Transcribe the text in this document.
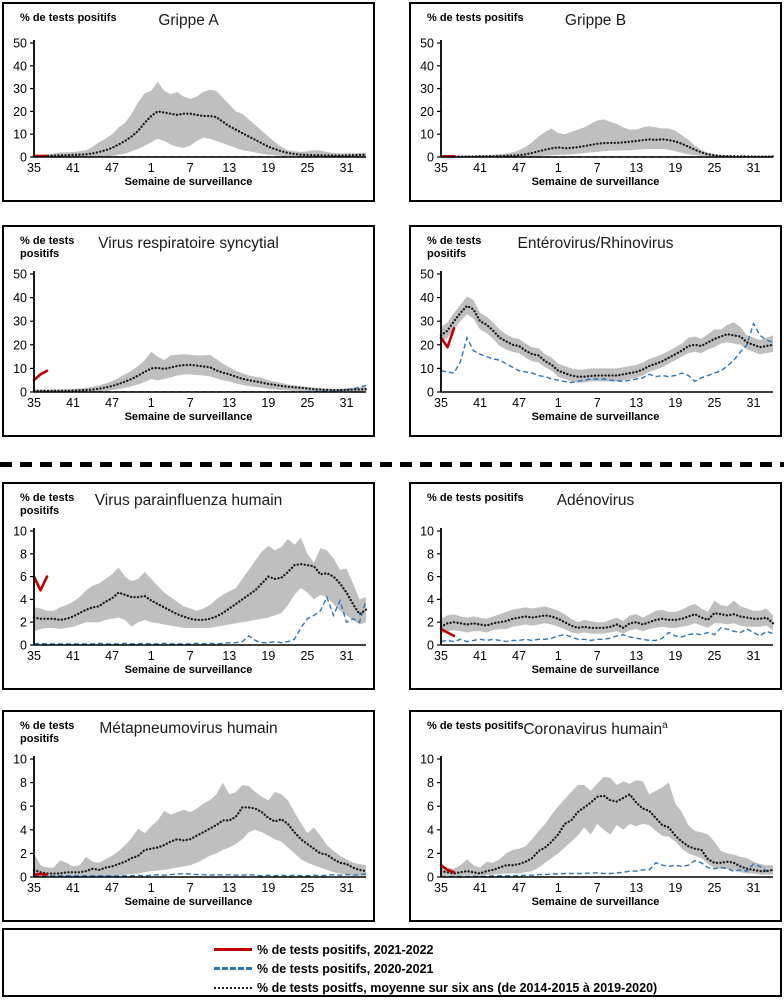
% de tests positifs	Grippe A
0
10
20
30
40
50
35 41 47 1	7 13 19 25 31
Semaine de surveillance
% de tests positifs	Grippe B
0
10
20
30
40
50
35 41 47 1	7 13 19 25 31
Semaine de surveillance
% de tests positifs
Virus respiratoire syncytial
0
10
20
30
40
50
35 41 47 1	7 13 19 25 31
Semaine de surveillance
% de tests positifs
Entérovirus/Rhinovirus
0
10
20
30
40
50
35 41 47 1	7 13 19 25 31
Semaine de surveillance
% de tests positifs
Virus parainfluenza humain
0
2
4
6
8
10
35 41 47 1	7 13 19 25 31
Semaine de surveillance
% de tests positifs	Adénovirus
0
2
4
6
8
10
35 41 47 1	7 13 19 25 31
Semaine de surveillance
% de tests positifs
Métapneumovirus humain
0
2
4
6
8
10
35 41 47 1	7 13 19 25 31
Semaine de surveillance
% de tests positifs Coronavirus humain$^a$
0
2
4
6
8
10
35 41 47 1	7 13 19 25 31
Semaine de surveillance
% de tests positifs, 2021-2022
% de tests positifs, 2020-2021
% de tests positfs, moyenne sur six ans (de 2014-2015 à 2019-2020)
